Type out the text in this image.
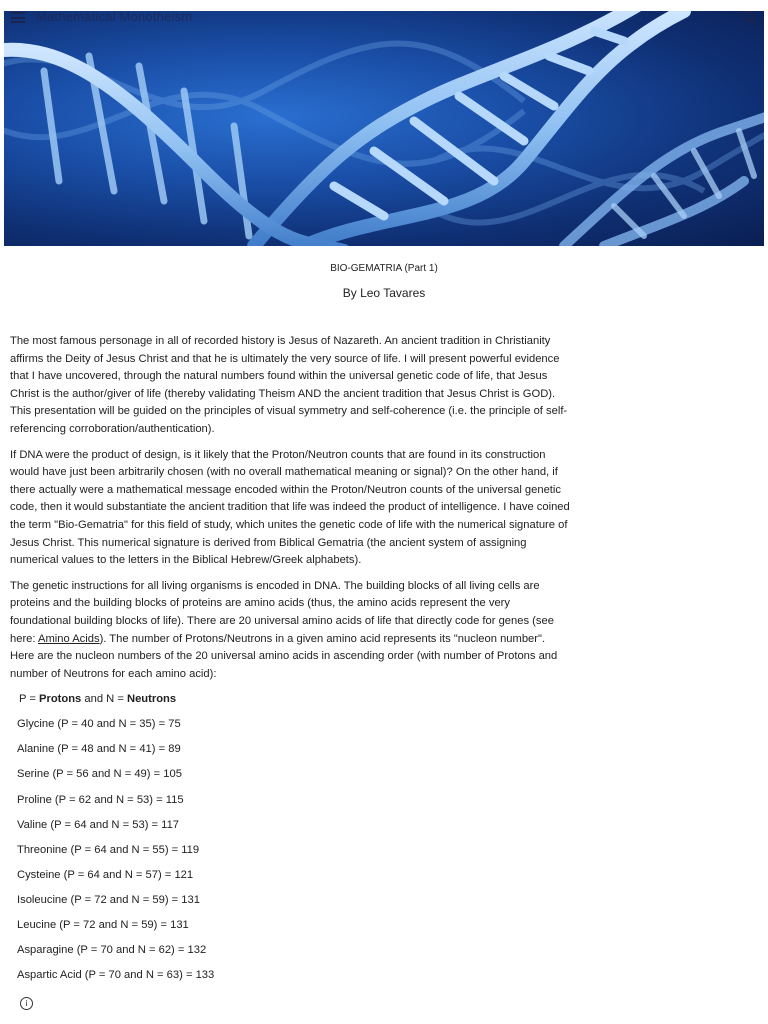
Mathematical Monotheism
BIO-GEMATRIA (Part 1)
By Leo Tavares

The most famous personage in all of recorded history is Jesus of Nazareth. An ancient tradition in Christianity affirms the Deity of Jesus Christ and that he is ultimately the very source of life. I will present powerful evidence that I have uncovered, through the natural numbers found within the universal genetic code of life, that Jesus Christ is the author/giver of life (thereby validating Theism AND the ancient tradition that Jesus Christ is GOD). This presentation will be guided on the principles of visual symmetry and self-coherence (i.e. the principle of self-referencing corroboration/authentication).

If DNA were the product of design, is it likely that the Proton/Neutron counts that are found in its construction would have just been arbitrarily chosen (with no overall mathematical meaning or signal)? On the other hand, if there actually were a mathematical message encoded within the Proton/Neutron counts of the universal genetic code, then it would substantiate the ancient tradition that life was indeed the product of intelligence. I have coined the term "Bio-Gematria" for this field of study, which unites the genetic code of life with the numerical signature of Jesus Christ. This numerical signature is derived from Biblical Gematria (the ancient system of assigning numerical values to the letters in the Biblical Hebrew/Greek alphabets).

The genetic instructions for all living organisms is encoded in DNA. The building blocks of all living cells are proteins and the building blocks of proteins are amino acids (thus, the amino acids represent the very foundational building blocks of life). There are 20 universal amino acids of life that directly code for genes (see here: Amino Acids). The number of Protons/Neutrons in a given amino acid represents its "nucleon number". Here are the nucleon numbers of the 20 universal amino acids in ascending order (with number of Protons and number of Neutrons for each amino acid):

P = Protons and N = Neutrons
Glycine (P = 40 and N = 35) = 75
Alanine (P = 48 and N = 41) = 89
Serine (P = 56 and N = 49) = 105
Proline (P = 62 and N = 53) = 115
Valine (P = 64 and N = 53) = 117
Threonine (P = 64 and N = 55) = 119
Cysteine (P = 64 and N = 57) = 121
Isoleucine (P = 72 and N = 59) = 131
Leucine (P = 72 and N = 59) = 131
Asparagine (P = 70 and N = 62) = 132
Aspartic Acid (P = 70 and N = 63) = 133
i
